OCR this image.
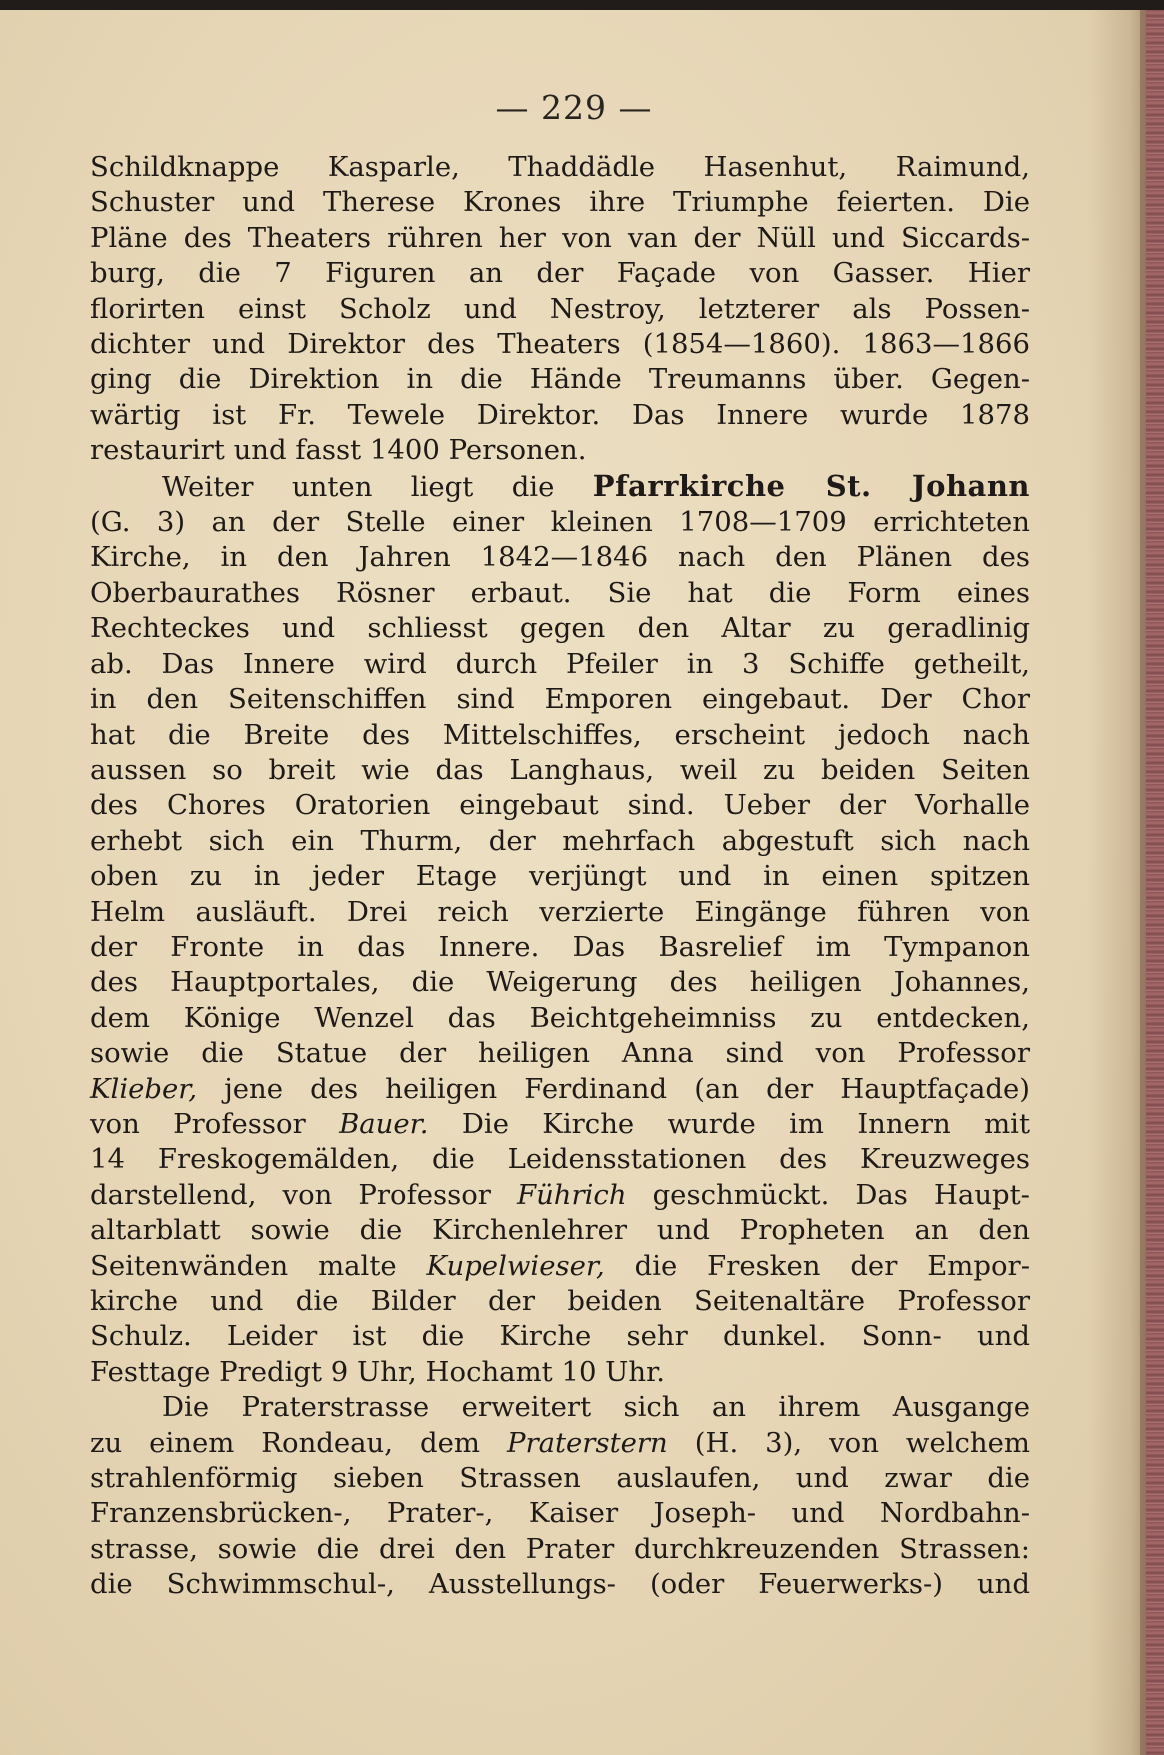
— 229 —
Schildknappe Kasparle, Thaddädle Hasenhut, Raimund,
Schuster und Therese Krones ihre Triumphe feierten. Die
Pläne des Theaters rühren her von van der Nüll und Siccards-
burg, die 7 Figuren an der Façade von Gasser. Hier
florirten einst Scholz und Nestroy, letzterer als Possen-
dichter und Direktor des Theaters (1854—1860). 1863—1866
ging die Direktion in die Hände Treumanns über. Gegen-
wärtig ist Fr. Tewele Direktor. Das Innere wurde 1878
restaurirt und fasst 1400 Personen.
Weiter unten liegt die Pfarrkirche St. Johann
(G. 3) an der Stelle einer kleinen 1708—1709 errichteten
Kirche, in den Jahren 1842—1846 nach den Plänen des
Oberbaurathes Rösner erbaut. Sie hat die Form eines
Rechteckes und schliesst gegen den Altar zu geradlinig
ab. Das Innere wird durch Pfeiler in 3 Schiffe getheilt,
in den Seitenschiffen sind Emporen eingebaut. Der Chor
hat die Breite des Mittelschiffes, erscheint jedoch nach
aussen so breit wie das Langhaus, weil zu beiden Seiten
des Chores Oratorien eingebaut sind. Ueber der Vorhalle
erhebt sich ein Thurm, der mehrfach abgestuft sich nach
oben zu in jeder Etage verjüngt und in einen spitzen
Helm ausläuft. Drei reich verzierte Eingänge führen von
der Fronte in das Innere. Das Basrelief im Tympanon
des Hauptportales, die Weigerung des heiligen Johannes,
dem Könige Wenzel das Beichtgeheimniss zu entdecken,
sowie die Statue der heiligen Anna sind von Professor
Klieber, jene des heiligen Ferdinand (an der Hauptfaçade)
von Professor Bauer. Die Kirche wurde im Innern mit
14 Freskogemälden, die Leidensstationen des Kreuzweges
darstellend, von Professor Führich geschmückt. Das Haupt-
altarblatt sowie die Kirchenlehrer und Propheten an den
Seitenwänden malte Kupelwieser, die Fresken der Empor-
kirche und die Bilder der beiden Seitenaltäre Professor
Schulz. Leider ist die Kirche sehr dunkel. Sonn- und
Festtage Predigt 9 Uhr, Hochamt 10 Uhr.
Die Praterstrasse erweitert sich an ihrem Ausgange
zu einem Rondeau, dem Praterstern (H. 3), von welchem
strahlenförmig sieben Strassen auslaufen, und zwar die
Franzensbrücken-, Prater-, Kaiser Joseph- und Nordbahn-
strasse, sowie die drei den Prater durchkreuzenden Strassen:
die Schwimmschul-, Ausstellungs- (oder Feuerwerks-) und
